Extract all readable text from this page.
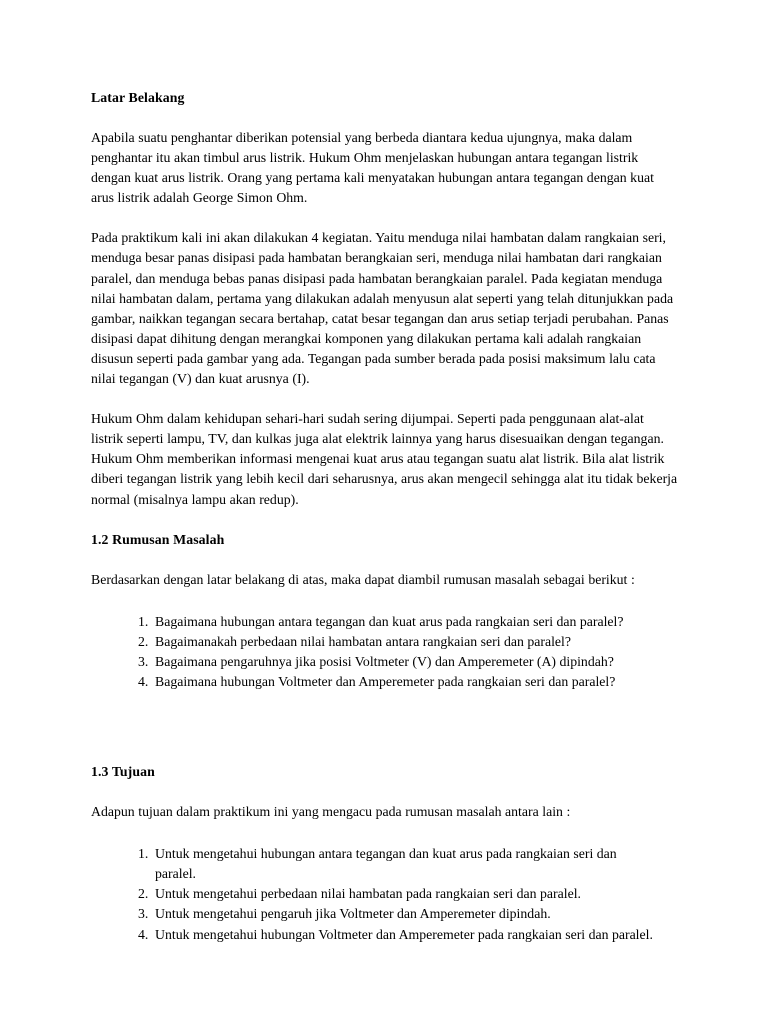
Latar Belakang

Apabila suatu penghantar diberikan potensial yang berbeda diantara kedua ujungnya, maka dalam penghantar itu akan timbul arus listrik. Hukum Ohm menjelaskan hubungan antara tegangan listrik dengan kuat arus listrik. Orang yang pertama kali menyatakan hubungan antara tegangan dengan kuat arus listrik adalah George Simon Ohm.

Pada praktikum kali ini akan dilakukan 4 kegiatan. Yaitu menduga nilai hambatan dalam rangkaian seri, menduga besar panas disipasi pada hambatan berangkaian seri, menduga nilai hambatan dari rangkaian paralel, dan menduga bebas panas disipasi pada hambatan berangkaian paralel. Pada kegiatan menduga nilai hambatan dalam, pertama yang dilakukan adalah menyusun alat seperti yang telah ditunjukkan pada gambar, naikkan tegangan secara bertahap, catat besar tegangan dan arus setiap terjadi perubahan. Panas disipasi dapat dihitung dengan merangkai komponen yang dilakukan pertama kali adalah rangkaian disusun seperti pada gambar yang ada. Tegangan pada sumber berada pada posisi maksimum lalu cata nilai tegangan (V) dan kuat arusnya (I).

Hukum Ohm dalam kehidupan sehari-hari sudah sering dijumpai. Seperti pada penggunaan alat-alat listrik seperti lampu, TV, dan kulkas juga alat elektrik lainnya yang harus disesuaikan dengan tegangan. Hukum Ohm memberikan informasi mengenai kuat arus atau tegangan suatu alat listrik. Bila alat listrik diberi tegangan listrik yang lebih kecil dari seharusnya, arus akan mengecil sehingga alat itu tidak bekerja normal (misalnya lampu akan redup).

1.2 Rumusan Masalah

Berdasarkan dengan latar belakang di atas, maka dapat diambil rumusan masalah sebagai berikut :

1. Bagaimana hubungan antara tegangan dan kuat arus pada rangkaian seri dan paralel?
2. Bagaimanakah perbedaan nilai hambatan antara rangkaian seri dan paralel?
3. Bagaimana pengaruhnya jika posisi Voltmeter (V) dan Amperemeter (A) dipindah?
4. Bagaimana hubungan Voltmeter dan Amperemeter pada rangkaian seri dan paralel?
1.3 Tujuan

Adapun tujuan dalam praktikum ini yang mengacu pada rumusan masalah antara lain :

1. Untuk mengetahui hubungan antara tegangan dan kuat arus pada rangkaian seri dan paralel.
2. Untuk mengetahui perbedaan nilai hambatan pada rangkaian seri dan paralel.
3. Untuk mengetahui pengaruh jika Voltmeter dan Amperemeter dipindah.
4. Untuk mengetahui hubungan Voltmeter dan Amperemeter pada rangkaian seri dan paralel.
